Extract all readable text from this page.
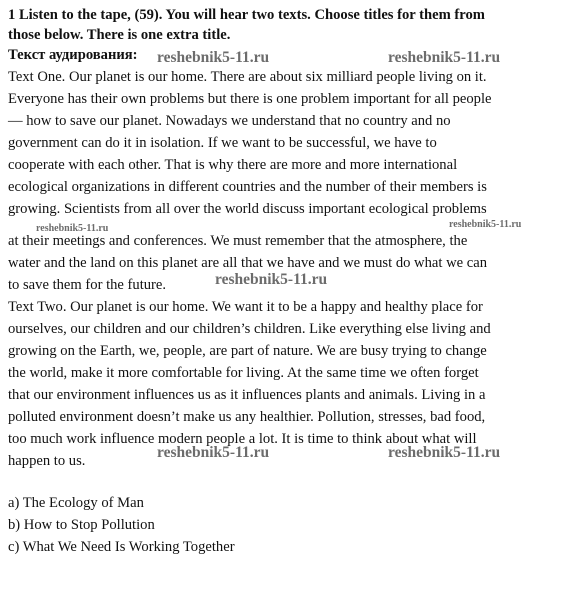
1 Listen to the tape, (59). You will hear two texts. Choose titles for them from
those below. There is one extra title.
Текст аудирования:
Text One. Our planet is our home. There are about six milliard people living on it.
Everyone has their own problems but there is one problem important for all people
— how to save our planet. Nowadays we understand that no country and no
government can do it in isolation. If we want to be successful, we have to
cooperate with each other. That is why there are more and more international
ecological organizations in different countries and the number of their members is
growing. Scientists from all over the world discuss important ecological problems
at their meetings and conferences. We must remember that the atmosphere, the
water and the land on this planet are all that we have and we must do what we can
to save them for the future.
Text Two. Our planet is our home. We want it to be a happy and healthy place for
ourselves, our children and our children’s children. Like everything else living and
growing on the Earth, we, people, are part of nature. We are busy trying to change
the world, make it more comfortable for living. At the same time we often forget
that our environment influences us as it influences plants and animals. Living in a
polluted environment doesn’t make us any healthier. Pollution, stresses, bad food,
too much work influence modern people a lot. It is time to think about what will
happen to us.
a) The Ecology of Man
b) How to Stop Pollution
c) What We Need Is Working Together
reshebnik5-11.ru	reshebnik5-11.ru
reshebnik5-11.ru	reshebnik5-11.ru
reshebnik5-11.ru
reshebnik5-11.ru	reshebnik5-11.ru
